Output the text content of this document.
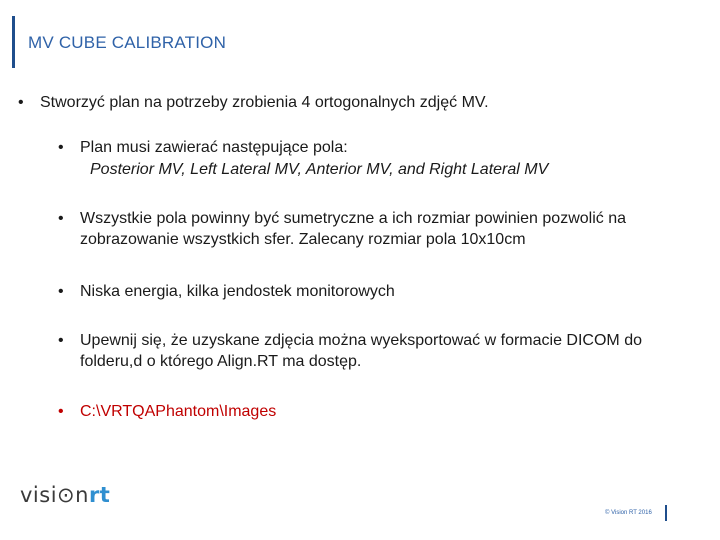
MV CUBE CALIBRATION
•	Stworzyć plan na potrzeby zrobienia 4 ortogonalnych zdjęć MV.
•	Plan musi zawierać następujące pola:
Posterior MV, Left Lateral MV, Anterior MV, and Right Lateral MV
•	Wszystkie pola powinny być sumetryczne a ich rozmiar powinien pozwolić na zobrazowanie wszystkich sfer. Zalecany rozmiar pola 10x10cm
•	Niska energia, kilka jendostek monitorowych
•	Upewnij się, że uzyskane zdjęcia można wyeksportować w formacie DICOM do folderu,d o którego Align.RT ma dostęp.
•	C:\VRTQAPhantom\Images
visi⊙nrt
© Vision RT 2016
